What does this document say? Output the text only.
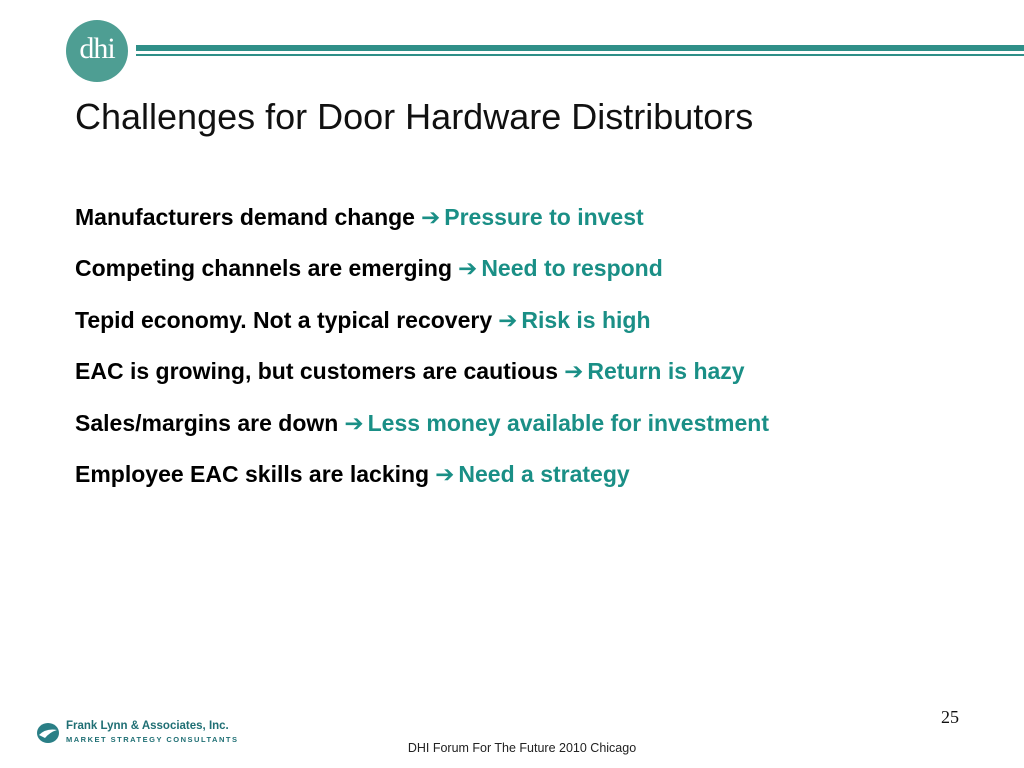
dhi
Challenges for Door Hardware Distributors
Manufacturers demand change ➔ Pressure to invest
Competing channels are emerging ➔ Need to respond
Tepid economy. Not a typical recovery ➔ Risk is high
EAC is growing, but customers are cautious ➔ Return is hazy
Sales/margins are down ➔ Less money available for investment
Employee EAC skills are lacking ➔ Need a strategy
25
Frank Lynn & Associates, Inc.
MARKET STRATEGY CONSULTANTS
DHI Forum For The Future 2010 Chicago
